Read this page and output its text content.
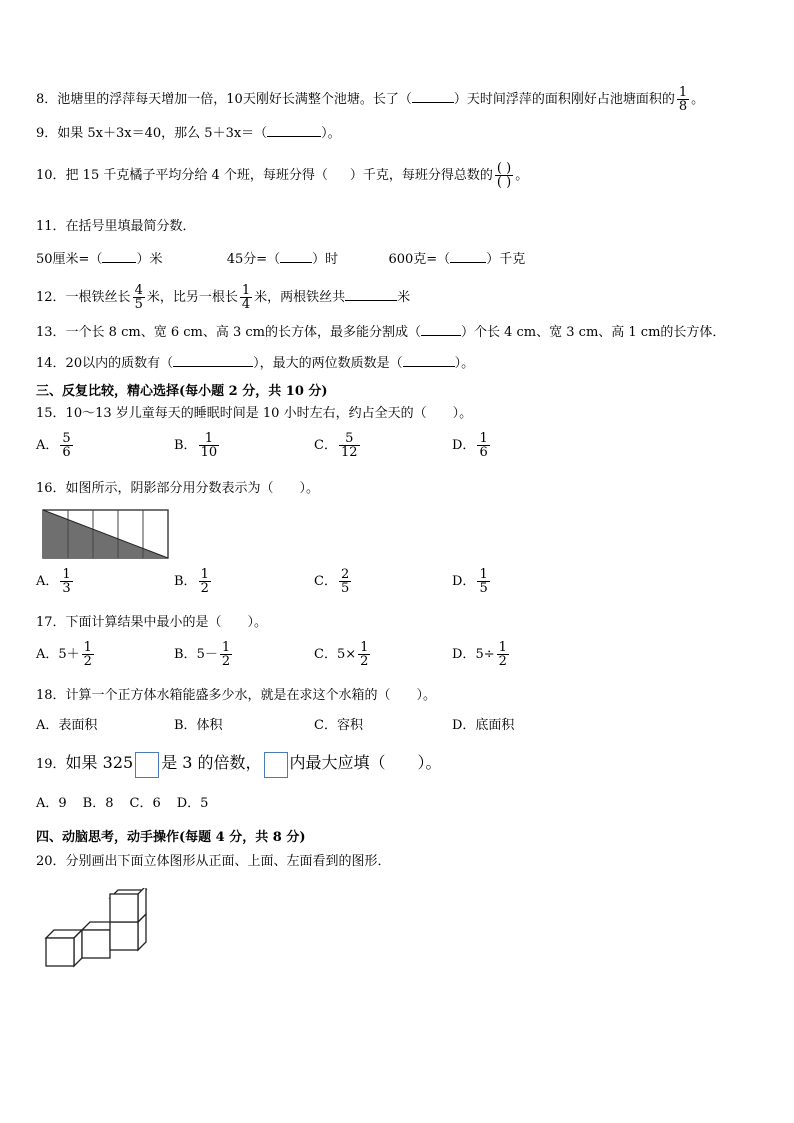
8．池塘里的浮萍每天增加一倍，10天刚好长满整个池塘。长了（	）天时间浮萍的面积刚好占池塘面积的 $\frac{1}{8}$ 。
9．如果 5x＋3x＝40，那么 5＋3x＝（	）。
10．把 15 千克橘子平均分给 4 个班，每班分得（ ）千克，每班分得总数的 $\frac{( )}{( )}$ 。
11．在括号里填最简分数．
50厘米=（	）米	45分=（ ）时	600克=（	）千克
12．一根铁丝长 $\frac{4}{5}$ 米，比另一根长 $\frac{1}{4}$ 米，两根铁丝共	米
13．一个长 8 cm、宽 6 cm、高 3 cm的长方体，最多能分割成（	）个长 4 cm、宽 3 cm、高 1 cm的长方体．
14．20以内的质数有（	），最大的两位数质数是（	）。
三、反复比较，精心选择(每小题 2 分，共 10 分)
15．10～13 岁儿童每天的睡眠时间是 10 小时左右，约占全天的（　　）。
A． $\frac{5}{6}$	B． $\frac{1}{10}$	C． $\frac{5}{12}$	D． $\frac{1}{6}$
16．如图所示，阴影部分用分数表示为（　　）。
A． $\frac{1}{3}$	B． $\frac{1}{2}$	C． $\frac{2}{5}$	D． $\frac{1}{5}$
17．下面计算结果中最小的是（　　）。
A．$5+ \frac{1}{2}$	B．$5- \frac{1}{2}$	C．$5\times \frac{1}{2}$	D．$5\div \frac{1}{2}$
18．计算一个正方体水箱能盛多少水，就是在求这个水箱的（　　）。
A．表面积	B．体积	C．容积	D．底面积
19．如果 325 是 3 的倍数， 内最大应填（　　）。
A．9 B．8 C．6 D．5
四、动脑思考，动手操作(每题 4 分，共 8 分)
20．分别画出下面立体图形从正面、上面、左面看到的图形．
